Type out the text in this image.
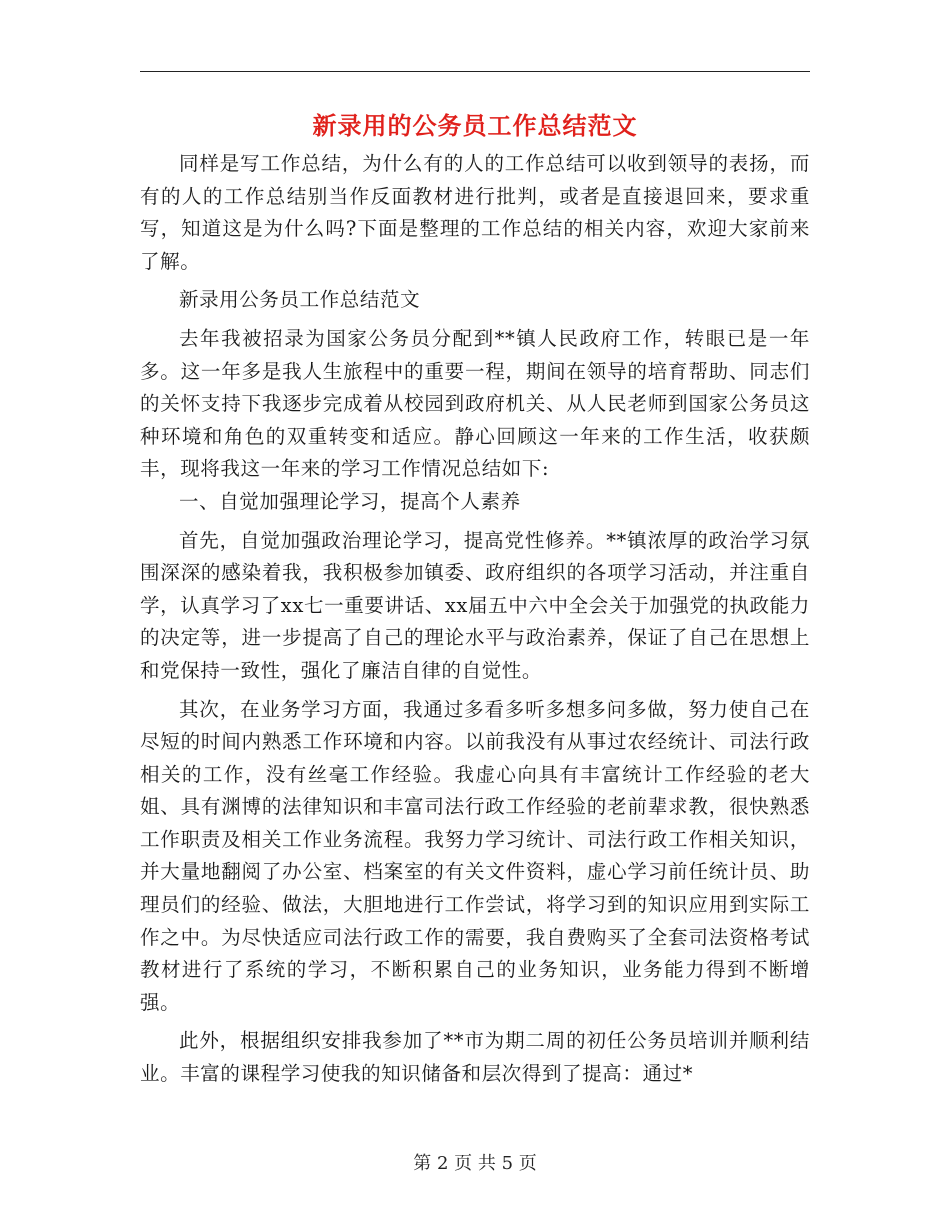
新录用的公务员工作总结范文

同样是写工作总结，为什么有的人的工作总结可以收到领导的表扬，而有的人的工作总结别当作反面教材进行批判，或者是直接退回来，要求重写，知道这是为什么吗?下面是整理的工作总结的相关内容，欢迎大家前来了解。

新录用公务员工作总结范文

去年我被招录为国家公务员分配到**镇人民政府工作，转眼已是一年多。这一年多是我人生旅程中的重要一程，期间在领导的培育帮助、同志们的关怀支持下我逐步完成着从校园到政府机关、从人民老师到国家公务员这种环境和角色的双重转变和适应。静心回顾这一年来的工作生活，收获颇丰，现将我这一年来的学习工作情况总结如下:

一、自觉加强理论学习，提高个人素养

首先，自觉加强政治理论学习，提高党性修养。**镇浓厚的政治学习氛围深深的感染着我，我积极参加镇委、政府组织的各项学习活动，并注重自学，认真学习了xx七一重要讲话、xx届五中六中全会关于加强党的执政能力的决定等，进一步提高了自己的理论水平与政治素养，保证了自己在思想上和党保持一致性，强化了廉洁自律的自觉性。

其次，在业务学习方面，我通过多看多听多想多问多做，努力使自己在尽短的时间内熟悉工作环境和内容。以前我没有从事过农经统计、司法行政相关的工作，没有丝毫工作经验。我虚心向具有丰富统计工作经验的老大姐、具有渊博的法律知识和丰富司法行政工作经验的老前辈求教，很快熟悉工作职责及相关工作业务流程。我努力学习统计、司法行政工作相关知识，并大量地翻阅了办公室、档案室的有关文件资料，虚心学习前任统计员、助理员们的经验、做法，大胆地进行工作尝试，将学习到的知识应用到实际工作之中。为尽快适应司法行政工作的需要，我自费购买了全套司法资格考试教材进行了系统的学习，不断积累自己的业务知识，业务能力得到不断增强。

此外，根据组织安排我参加了**市为期二周的初任公务员培训并顺利结业。丰富的课程学习使我的知识储备和层次得到了提高：通过*

第 2 页 共 5 页
